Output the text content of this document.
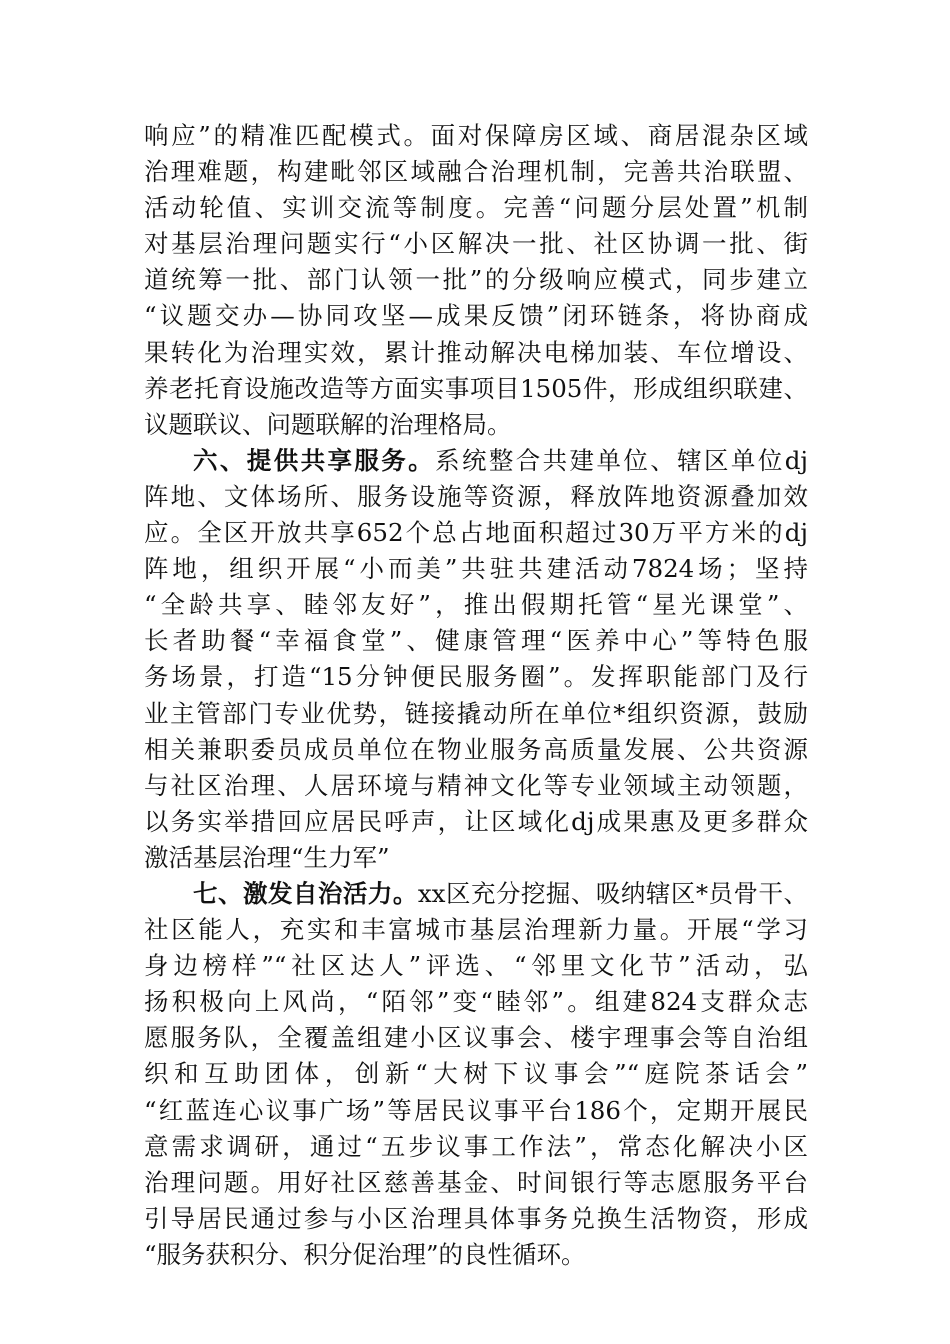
响应”的精准匹配模式。面对保障房区域、商居混杂区域
治理难题，构建毗邻区域融合治理机制，完善共治联盟、
活动轮值、实训交流等制度。完善“问题分层处置”机制
对基层治理问题实行“小区解决一批、社区协调一批、街
道统筹一批、部门认领一批”的分级响应模式，同步建立
“议题交办—协同攻坚—成果反馈”闭环链条，将协商成
果转化为治理实效，累计推动解决电梯加装、车位增设、
养老托育设施改造等方面实事项目1505件，形成组织联建、
议题联议、问题联解的治理格局。
六、提供共享服务。系统整合共建单位、辖区单位dj
阵地、文体场所、服务设施等资源，释放阵地资源叠加效
应。全区开放共享652个总占地面积超过30万平方米的dj
阵地，组织开展“小而美”共驻共建活动7824场；坚持
“全龄共享、睦邻友好”，推出假期托管“星光课堂”、
长者助餐“幸福食堂”、健康管理“医养中心”等特色服
务场景，打造“15分钟便民服务圈”。发挥职能部门及行
业主管部门专业优势，链接撬动所在单位*组织资源，鼓励
相关兼职委员成员单位在物业服务高质量发展、公共资源
与社区治理、人居环境与精神文化等专业领域主动领题，
以务实举措回应居民呼声，让区域化dj成果惠及更多群众
激活基层治理“生力军”
七、激发自治活力。xx区充分挖掘、吸纳辖区*员骨干、
社区能人，充实和丰富城市基层治理新力量。开展“学习
身边榜样”“社区达人”评选、“邻里文化节”活动，弘
扬积极向上风尚，“陌邻”变“睦邻”。组建824支群众志
愿服务队，全覆盖组建小区议事会、楼宇理事会等自治组
织和互助团体，创新“大树下议事会”“庭院茶话会”
“红蓝连心议事广场”等居民议事平台186个，定期开展民
意需求调研，通过“五步议事工作法”，常态化解决小区
治理问题。用好社区慈善基金、时间银行等志愿服务平台
引导居民通过参与小区治理具体事务兑换生活物资，形成
“服务获积分、积分促治理”的良性循环。
